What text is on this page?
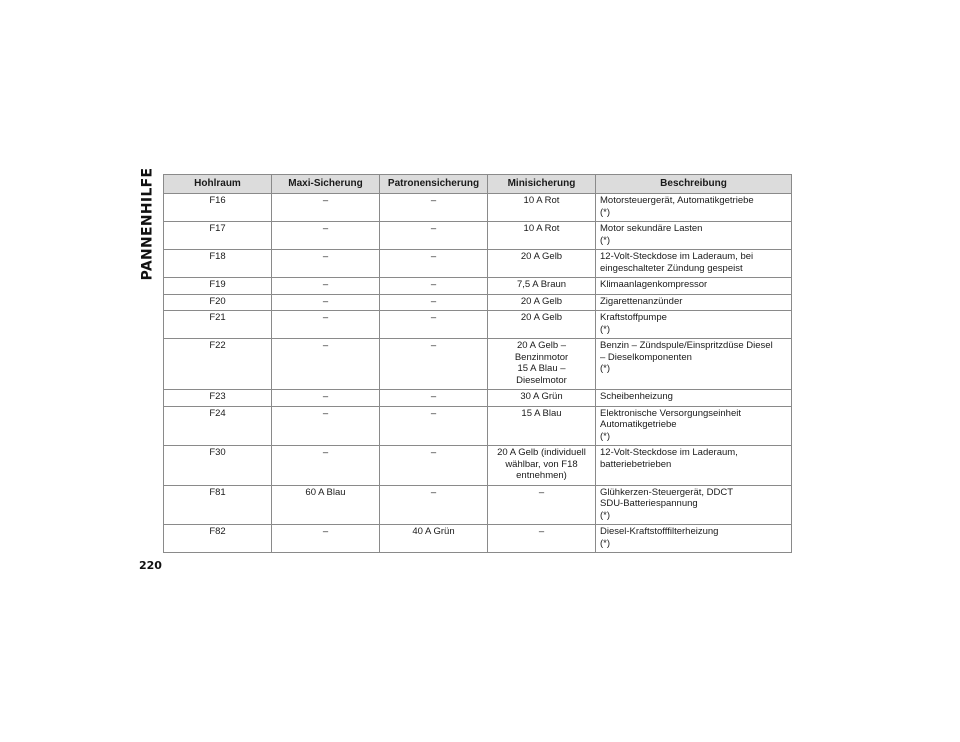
PANNENHILFE	Hohlraum	Maxi-Sicherung	Patronensicherung	Minisicherung	Beschreibung
F16	–	–	10 A Rot	Motorsteuergerät, Automatikgetriebe
(*)
F17	–	–	10 A Rot	Motor sekundäre Lasten
(*)
F18	–	–	20 A Gelb	12-Volt-Steckdose im Laderaum, bei
eingeschalteter Zündung gespeist
F19	–	–	7,5 A Braun	Klimaanlagenkompressor
F20	–	–	20 A Gelb	Zigarettenanzünder
F21	–	–	20 A Gelb	Kraftstoffpumpe
(*)
F22	–	–	20 A Gelb –
Benzinmotor
15 A Blau –
Dieselmotor	Benzin – Zündspule/Einspritzdüse Diesel
– Dieselkomponenten
(*)
F23	–	–	30 A Grün	Scheibenheizung
F24	–	–	15 A Blau	Elektronische Versorgungseinheit
Automatikgetriebe
(*)
F30	–	–	20 A Gelb (individuell
wählbar, von F18
entnehmen)	12-Volt-Steckdose im Laderaum,
batteriebetrieben
F81	60 A Blau	–	–	Glühkerzen-Steuergerät, DDCT
SDU-Batteriespannung
(*)
F82	–	40 A Grün	–	Diesel-Kraftstofffilterheizung
(*)
220
